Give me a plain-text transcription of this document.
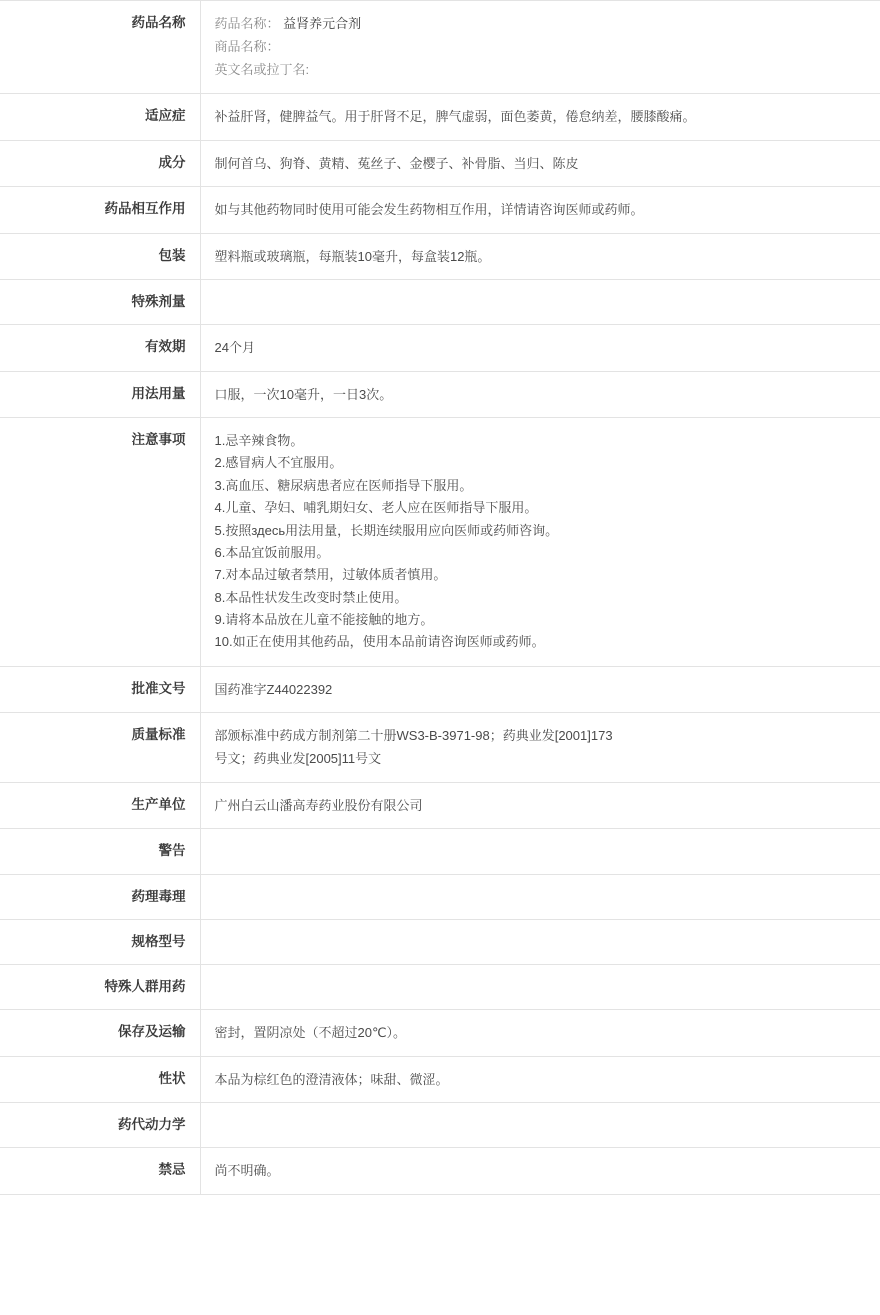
药品名称	药品名称： 益肾养元合剂
商品名称：
英文名或拉丁名:

适应症	补益肝肾，健脾益气。用于肝肾不足，脾气虚弱，面色萎黄，倦怠纳差，腰膝酸痛。
成分	制何首乌、狗脊、黄精、菟丝子、金樱子、补骨脂、当归、陈皮
药品相互作用	如与其他药物同时使用可能会发生药物相互作用，详情请咨询医师或药师。
包装	塑料瓶或玻璃瓶，每瓶装10毫升，每盒装12瓶。
特殊剂量	
有效期	24个月
用法用量	口服，一次10毫升，一日3次。
注意事项	1.忌辛辣食物。
2.感冒病人不宜服用。
3.高血压、糖尿病患者应在医师指导下服用。
4.儿童、孕妇、哺乳期妇女、老人应在医师指导下服用。
5.按照здесь用法用量，长期连续服用应向医师或药师咨询。
6.本品宜饭前服用。
7.对本品过敏者禁用，过敏体质者慎用。
8.本品性状发生改变时禁止使用。
9.请将本品放在儿童不能接触的地方。
10.如正在使用其他药品，使用本品前请咨询医师或药师。

批准文号	国药准字Z44022392
质量标准	部颁标准中药成方制剂第二十册WS3-B-3971-98；药典业发[2001]173
号文；药典业发[2005]11号文

生产单位	广州白云山潘高寿药业股份有限公司
警告	
药理毒理	
规格型号	
特殊人群用药	
保存及运输	密封，置阴凉处（不超过20℃）。
性状	本品为棕红色的澄清液体；味甜、微涩。
药代动力学	
禁忌	尚不明确。
